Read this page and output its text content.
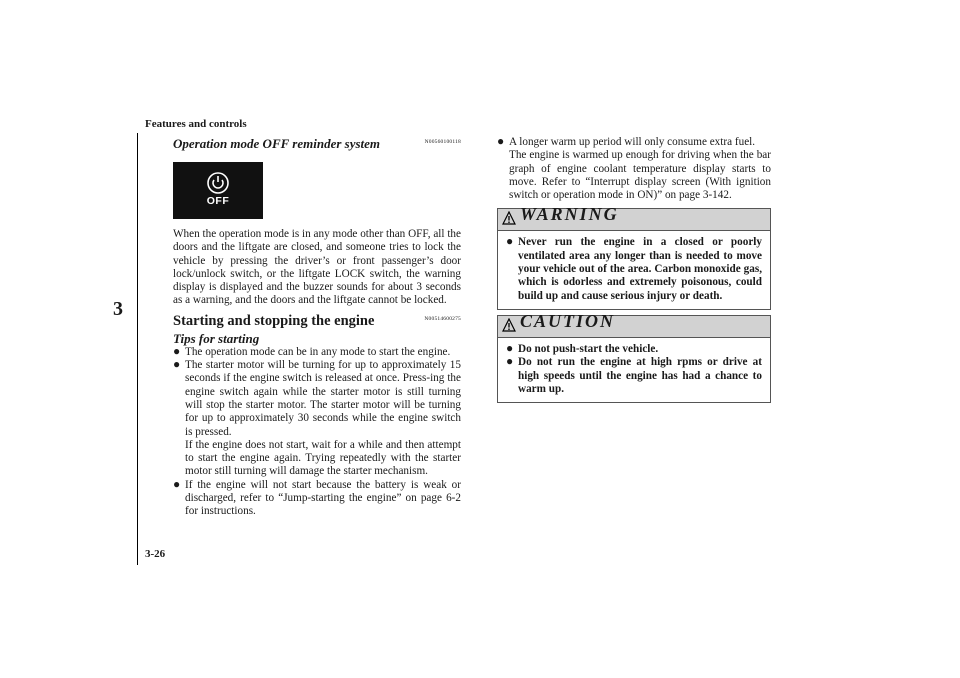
Features and controls
3
3-26
Operation mode OFF reminder system	N00560100118
OFF

When the operation mode is in any mode other than OFF, all the doors and the liftgate are closed, and someone tries to lock the vehicle by pressing the driver’s or front passenger’s door lock/unlock switch, or the liftgate LOCK switch, the warning display is displayed and the buzzer sounds for about 3 seconds as a warning, and the doors and the liftgate cannot be locked.

Starting and stopping the engine	N00514600275
Tips for starting
● The operation mode can be in any mode to start the engine.
● The starter motor will be turning for up to approximately 15 seconds if the engine switch is released at once. Press-ing the engine switch again while the starter motor is still turning will stop the starter motor. The starter motor will be turning for up to approximately 30 seconds while the engine switch is pressed.
If the engine does not start, wait for a while and then attempt to start the engine again. Trying repeatedly with the starter motor still turning will damage the starter mechanism.
● If the engine will not start because the battery is weak or discharged, refer to “Jump-starting the engine” on page 6-2 for instructions.
● A longer warm up period will only consume extra fuel.
The engine is warmed up enough for driving when the bar graph of engine coolant temperature display starts to move. Refer to “Interrupt display screen (With ignition switch or operation mode in ON)” on page 3-142.
WARNING
● Never run the engine in a closed or poorly ventilated area any longer than is needed to move your vehicle out of the area. Carbon monoxide gas, which is odorless and extremely poisonous, could build up and cause serious injury or death.
CAUTION
● Do not push-start the vehicle.
● Do not run the engine at high rpms or drive at high speeds until the engine has had a chance to warm up.
